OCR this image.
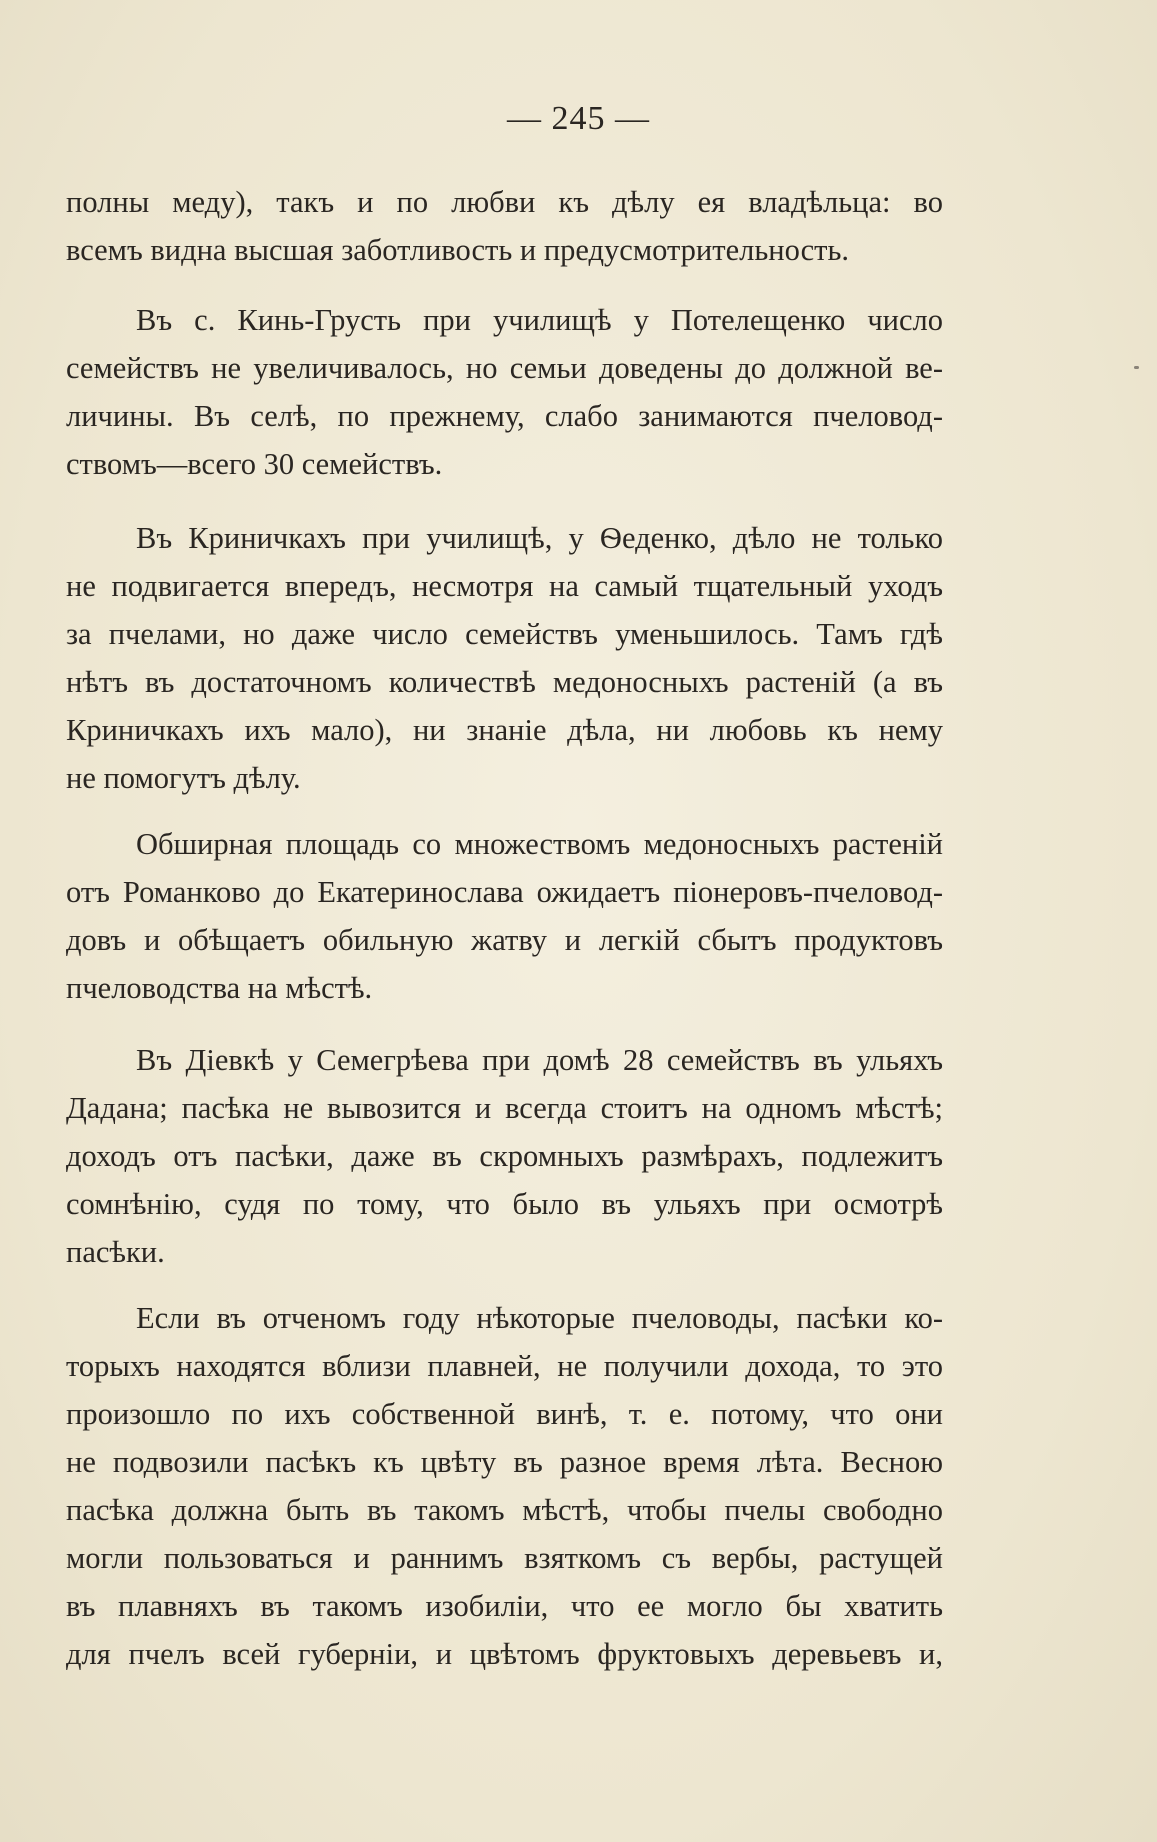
— 245 —
полны меду), такъ и по любви къ дѣлу ея владѣльца: во
всемъ видна высшая заботливость и предусмотрительность.
Въ с. Кинь-Грусть при училищѣ у Потелещенко число
семействъ не увеличивалось, но семьи доведены до должной ве-
личины. Въ селѣ, по прежнему, слабо занимаются пчеловод-
ствомъ—всего 30 семействъ.
Въ Криничкахъ при училищѣ, у Ѳеденко, дѣло не только
не подвигается впередъ, несмотря на самый тщательный уходъ
за пчелами, но даже число семействъ уменьшилось. Тамъ гдѣ
нѣтъ въ достаточномъ количествѣ медоносныхъ растеній (а въ
Криничкахъ ихъ мало), ни знаніе дѣла, ни любовь къ нему
не помогутъ дѣлу.
Обширная площадь со множествомъ медоносныхъ растеній
отъ Романково до Екатеринослава ожидаетъ піонеровъ-пчеловод-
довъ и обѣщаетъ обильную жатву и легкій сбытъ продуктовъ
пчеловодства на мѣстѣ.
Въ Діевкѣ у Семегрѣева при домѣ 28 семействъ въ ульяхъ
Дадана; пасѣка не вывозится и всегда стоитъ на одномъ мѣстѣ;
доходъ отъ пасѣки, даже въ скромныхъ размѣрахъ, подлежитъ
сомнѣнію, судя по тому, что было въ ульяхъ при осмотрѣ
пасѣки.
Если въ отченомъ году нѣкоторые пчеловоды, пасѣки ко-
торыхъ находятся вблизи плавней, не получили дохода, то это
произошло по ихъ собственной винѣ, т. е. потому, что они
не подвозили пасѣкъ къ цвѣту въ разное время лѣта. Весною
пасѣка должна быть въ такомъ мѣстѣ, чтобы пчелы свободно
могли пользоваться и раннимъ взяткомъ съ вербы, растущей
въ плавняхъ въ такомъ изобиліи, что ее могло бы хватить
для пчелъ всей губерніи, и цвѣтомъ фруктовыхъ деревьевъ и,
